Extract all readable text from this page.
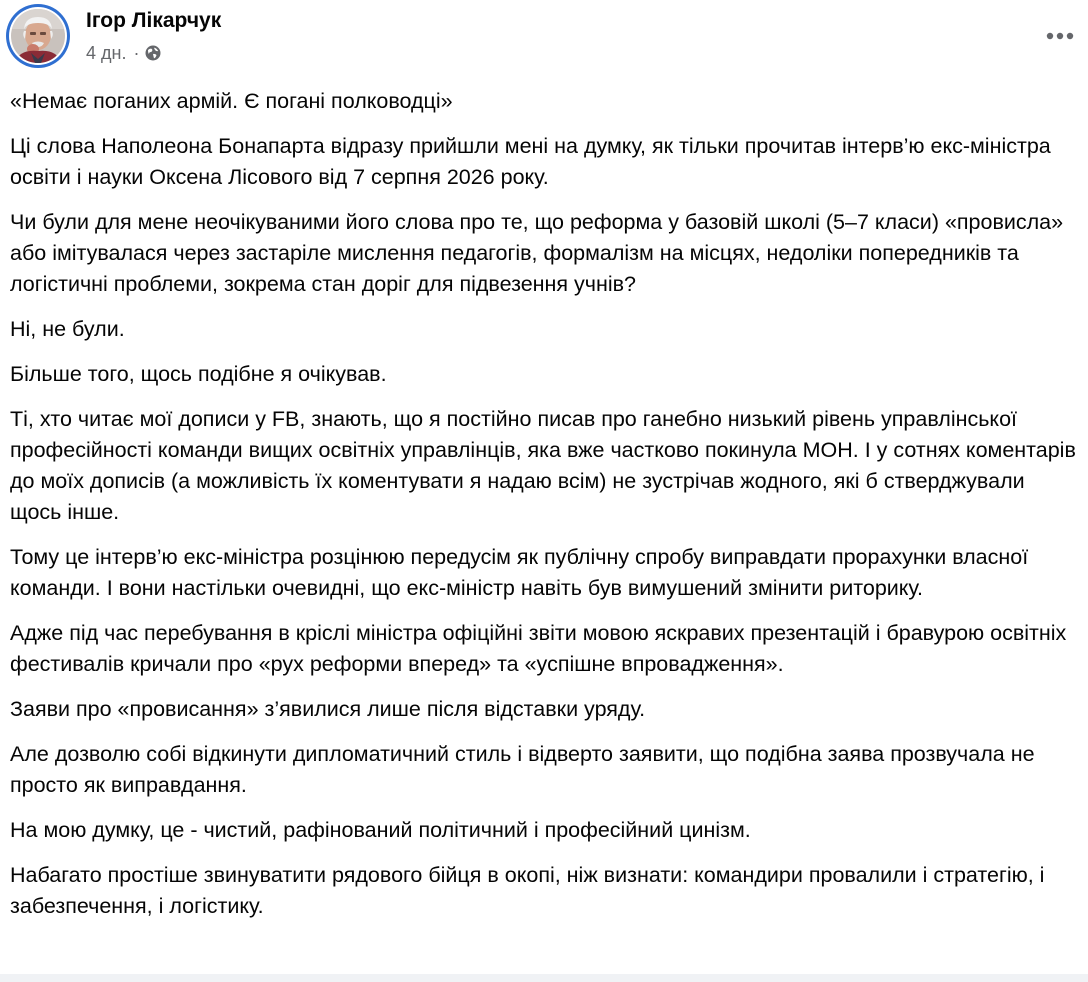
Ігор Лікарчук
4 дн. ·

«Немає поганих армій. Є погані полководці»

Ці слова Наполеона Бонапарта відразу прийшли мені на думку, як тільки прочитав інтерв’ю екс-міністра освіти і науки Оксена Лісового від 7 серпня 2026 року.

Чи були для мене неочікуваними його слова про те, що реформа у базовій школі (5–7 класи) «провисла» або імітувалася через застаріле мислення педагогів, формалізм на місцях, недоліки попередників та логістичні проблеми, зокрема стан доріг для підвезення учнів?

Ні, не були.

Більше того, щось подібне я очікував.

Ті, хто читає мої дописи у FB, знають, що я постійно писав про ганебно низький рівень управлінської професійності команди вищих освітніх управлінців, яка вже частково покинула МОН. І у сотнях коментарів до моїх дописів (а можливість їх коментувати я надаю всім) не зустрічав жодного, які б стверджували щось інше.

Тому це інтерв’ю екс-міністра розцінюю передусім як публічну спробу виправдати прорахунки власної команди. І вони настільки очевидні, що екс-міністр навіть був вимушений змінити риторику.

Адже під час перебування в кріслі міністра офіційні звіти мовою яскравих презентацій і бравурою освітніх фестивалів кричали про «рух реформи вперед» та «успішне впровадження».

Заяви про «провисання» з’явилися лише після відставки уряду.

Але дозволю собі відкинути дипломатичний стиль і відверто заявити, що подібна заява прозвучала не просто як виправдання.

На мою думку, це - чистий, рафінований політичний і професійний цинізм.

Набагато простіше звинуватити рядового бійця в окопі, ніж визнати: командири провалили і стратегію, і забезпечення, і логістику.
